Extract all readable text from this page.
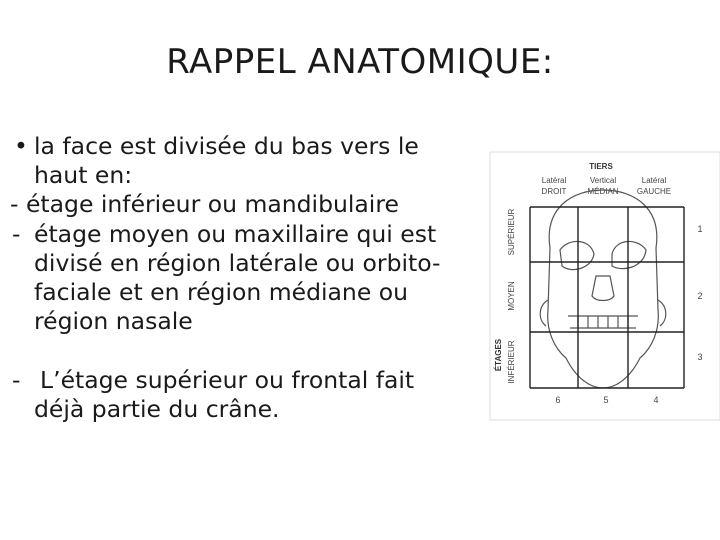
RAPPEL ANATOMIQUE:
• la face est divisée du bas vers le
haut en:
- étage inférieur ou mandibulaire
- étage moyen ou maxillaire qui est
divisé en région latérale ou orbito-
faciale et en région médiane ou
région nasale
- L’étage supérieur ou frontal fait
déjà partie du crâne.
TIERS
Latéral
DROIT
Vertical
MÉDIAN
Latéral
GAUCHE
ÉTAGES
SUPÉRIEUR
MOYEN
INFÉRIEUR
1
2
3
6	5	4
